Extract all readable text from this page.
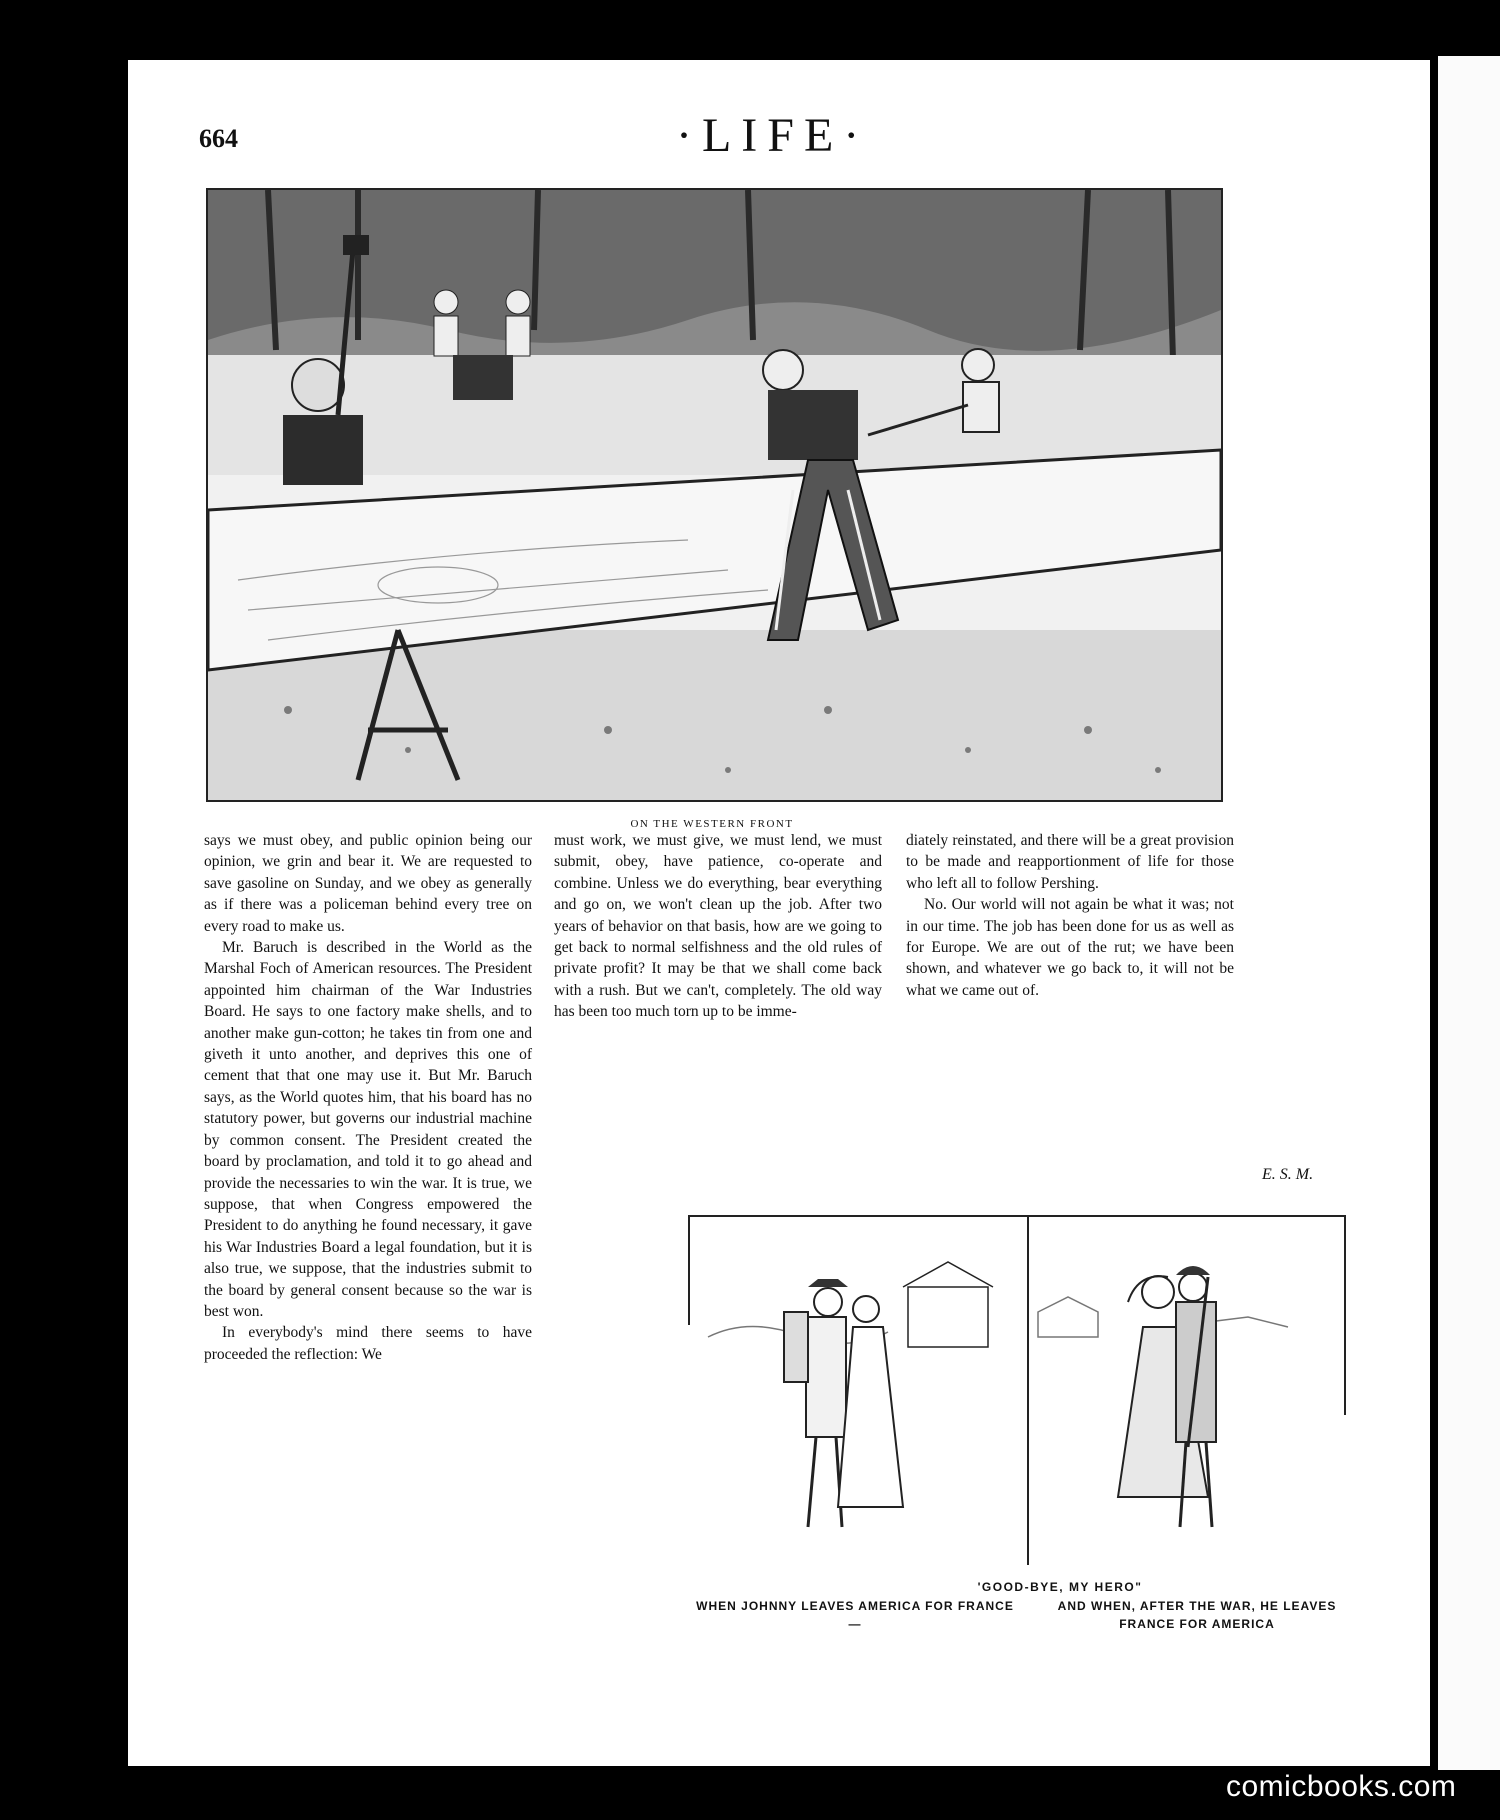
664	·LIFE·
ON THE WESTERN FRONT

says we must obey, and public opinion being our opinion, we grin and bear it. We are requested to save gasoline on Sunday, and we obey as generally as if there was a policeman behind every tree on every road to make us.

Mr. Baruch is described in the World as the Marshal Foch of American resources. The President appointed him chairman of the War Industries Board. He says to one factory make shells, and to another make gun-cotton; he takes tin from one and giveth it unto another, and deprives this one of cement that that one may use it. But Mr. Baruch says, as the World quotes him, that his board has no statutory power, but governs our industrial machine by common consent. The President created the board by proclamation, and told it to go ahead and provide the necessaries to win the war. It is true, we suppose, that when Congress empowered the President to do anything he found necessary, it gave his War Industries Board a legal foundation, but it is also true, we suppose, that the industries submit to the board by general consent because so the war is best won.

In everybody's mind there seems to have proceeded the reflection: We

must work, we must give, we must lend, we must submit, obey, have patience, co-operate and combine. Unless we do everything, bear everything and go on, we won't clean up the job. After two years of behavior on that basis, how are we going to get back to normal selfishness and the old rules of private profit? It may be that we shall come back with a rush. But we can't, completely. The old way has been too much torn up to be imme-

diately reinstated, and there will be a great provision to be made and reapportionment of life for those who left all to follow Pershing.

No. Our world will not again be what it was; not in our time. The job has been done for us as well as for Europe. We are out of the rut; we have been shown, and whatever we go back to, it will not be what we came out of.

E. S. M.
'GOOD-BYE, MY HERO"
WHEN JOHNNY LEAVES AMERICA FOR FRANCE—
AND WHEN, AFTER THE WAR, HE LEAVES FRANCE FOR AMERICA
comicbooks.com
